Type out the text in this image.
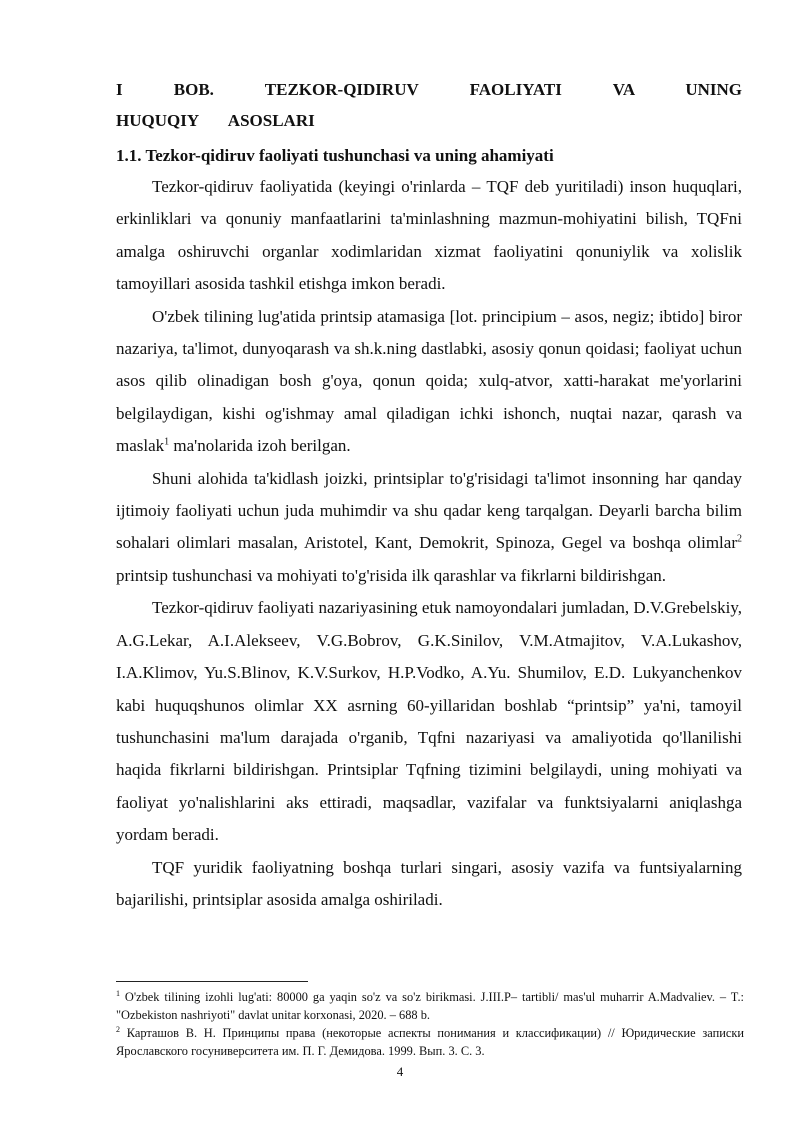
I BOB. TEZKOR-QIDIRUV FAOLIYATI VA UNING HUQUQIY ASOSLARI
1.1. Tezkor-qidiruv faoliyati tushunchasi va uning ahamiyati

Tezkor-qidiruv faoliyatida (keyingi o'rinlarda – TQF deb yuritiladi) inson huquqlari, erkinliklari va qonuniy manfaatlarini ta'minlashning mazmun-mohiyatini bilish, TQFni amalga oshiruvchi organlar xodimlaridan xizmat faoliyatini qonuniylik va xolislik tamoyillari asosida tashkil etishga imkon beradi.

O'zbek tilining lug'atida printsip atamasiga [lot. principium – asos, negiz; ibtido] biror nazariya, ta'limot, dunyoqarash va sh.k.ning dastlabki, asosiy qonun qoidasi; faoliyat uchun asos qilib olinadigan bosh g'oya, qonun qoida; xulq-atvor, xatti-harakat me'yorlarini belgilaydigan, kishi og'ishmay amal qiladigan ichki ishonch, nuqtai nazar, qarash va maslak$^1$ ma'nolarida izoh berilgan.

Shuni alohida ta'kidlash joizki, printsiplar to'g'risidagi ta'limot insonning har qanday ijtimoiy faoliyati uchun juda muhimdir va shu qadar keng tarqalgan. Deyarli barcha bilim sohalari olimlari masalan, Aristotel, Kant, Demokrit, Spinoza, Gegel va boshqa olimlar$^2$ printsip tushunchasi va mohiyati to'g'risida ilk qarashlar va fikrlarni bildirishgan.

Tezkor-qidiruv faoliyati nazariyasining etuk namoyondalari jumladan, D.V.Grebelskiy, A.G.Lekar, A.I.Alekseev, V.G.Bobrov, G.K.Sinilov, V.M.Atmajitov, V.A.Lukashov, I.A.Klimov, Yu.S.Blinov, K.V.Surkov, H.P.Vodko, A.Yu. Shumilov, E.D. Lukyanchenkov kabi huquqshunos olimlar XX asrning 60-yillaridan boshlab “printsip” ya'ni, tamoyil tushunchasini ma'lum darajada o'rganib, Tqfni nazariyasi va amaliyotida qo'llanilishi haqida fikrlarni bildirishgan. Printsiplar Tqfning tizimini belgilaydi, uning mohiyati va faoliyat yo'nalishlarini aks ettiradi, maqsadlar, vazifalar va funktsiyalarni aniqlashga yordam beradi.

TQF yuridik faoliyatning boshqa turlari singari, asosiy vazifa va funtsiyalarning bajarilishi, printsiplar asosida amalga oshiriladi.

$^1$ O'zbek tilining izohli lug'ati: 80000 ga yaqin so'z va so'z birikmasi. J.III.P– tartibli/ mas'ul muharrir A.Madvaliev. – T.: "Ozbekiston nashriyoti" davlat unitar korxonasi, 2020. – 688 b.

$^2$ Карташов В. Н. Принципы права (некоторые аспекты понимания и классификации) // Юридические записки Ярославского госуниверситета им. П. Г. Демидова. 1999. Вып. 3. С. 3.

4
